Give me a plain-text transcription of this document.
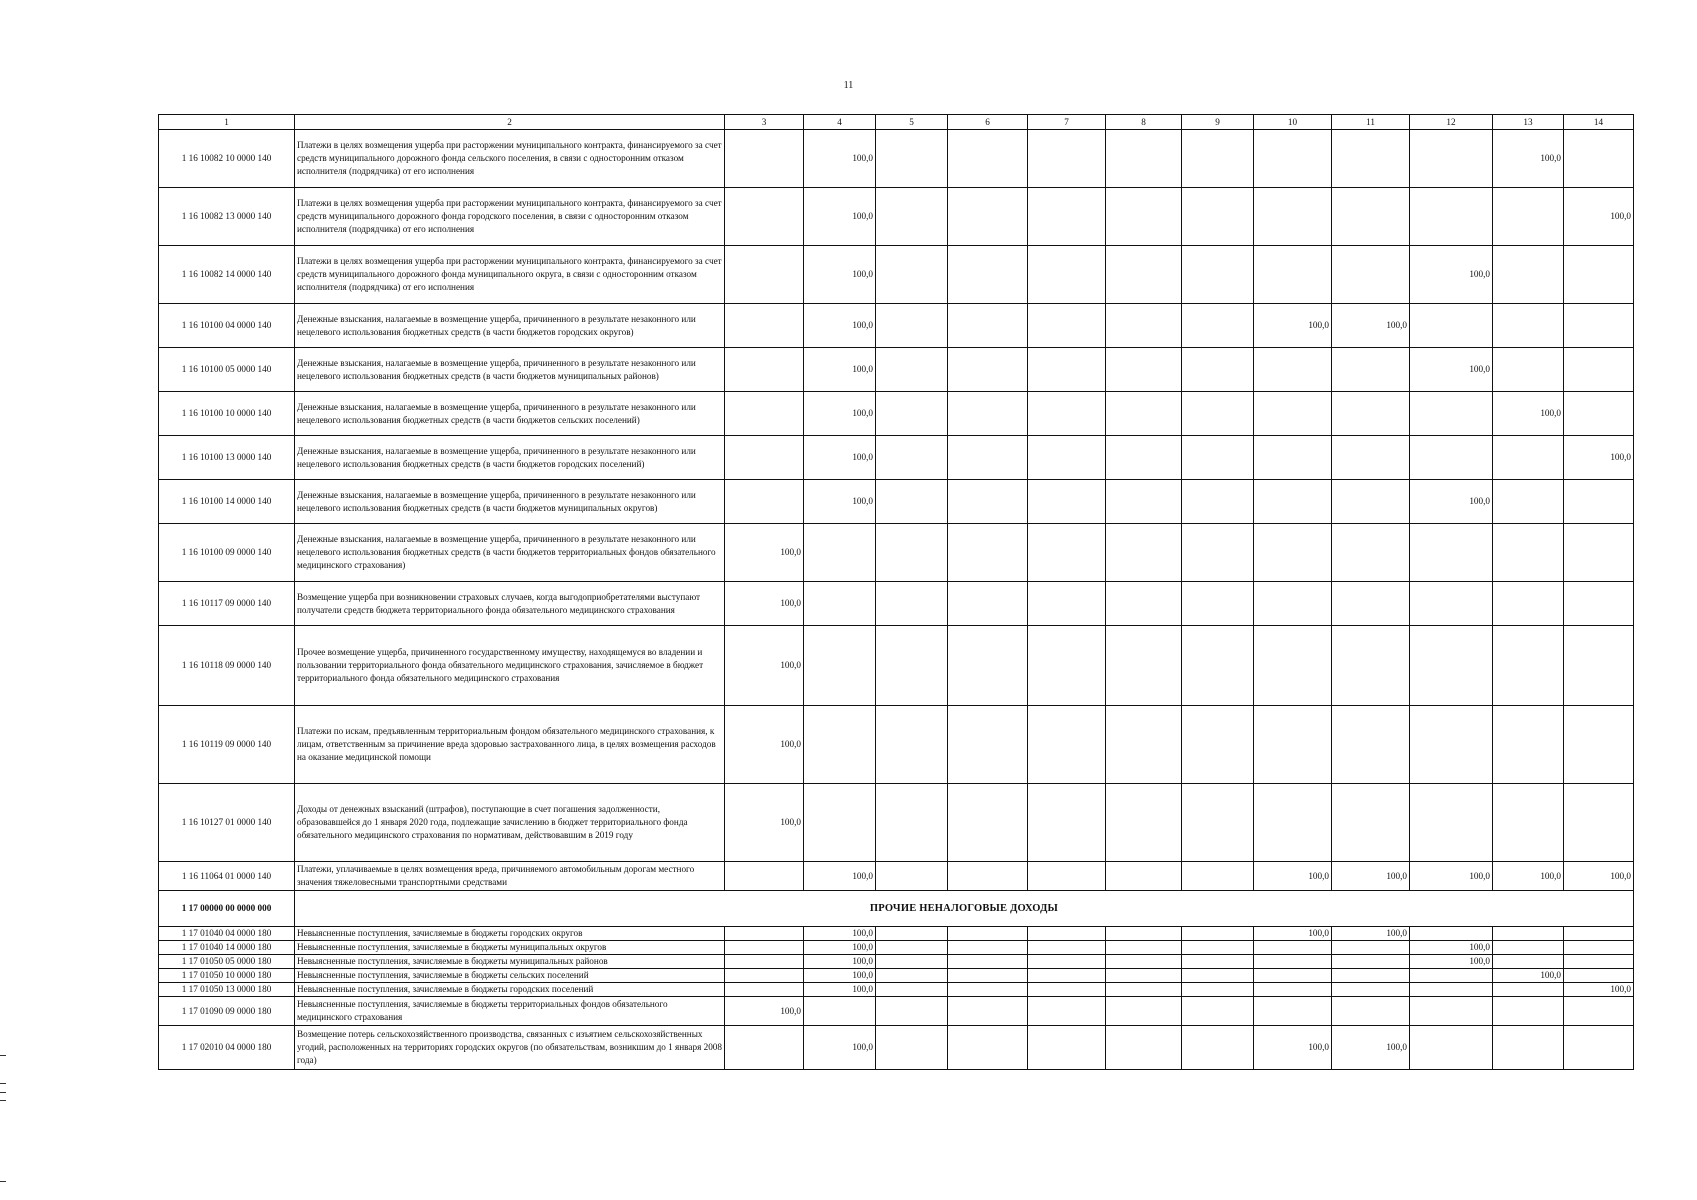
11
1	2	3	4	5	6	7	8	9	10	11	12	13	14
1 16 10082 10 0000 140	Платежи в целях возмещения ущерба при расторжении муниципального контракта, финансируемого за счет средств муниципального дорожного фонда сельского поселения, в связи с односторонним отказом исполнителя (подрядчика) от его исполнения		100,0									100,0	
1 16 10082 13 0000 140	Платежи в целях возмещения ущерба при расторжении муниципального контракта, финансируемого за счет средств муниципального дорожного фонда городского поселения, в связи с односторонним отказом исполнителя (подрядчика) от его исполнения		100,0										100,0
1 16 10082 14 0000 140	Платежи в целях возмещения ущерба при расторжении муниципального контракта, финансируемого за счет средств муниципального дорожного фонда муниципального округа, в связи с односторонним отказом исполнителя (подрядчика) от его исполнения		100,0								100,0		
1 16 10100 04 0000 140	Денежные взыскания, налагаемые в возмещение ущерба, причиненного в результате незаконного или нецелевого использования бюджетных средств (в части бюджетов городских округов)		100,0						100,0	100,0			
1 16 10100 05 0000 140	Денежные взыскания, налагаемые в возмещение ущерба, причиненного в результате незаконного или нецелевого использования бюджетных средств (в части бюджетов муниципальных районов)		100,0								100,0		
1 16 10100 10 0000 140	Денежные взыскания, налагаемые в возмещение ущерба, причиненного в результате незаконного или нецелевого использования бюджетных средств (в части бюджетов сельских поселений)		100,0									100,0	
1 16 10100 13 0000 140	Денежные взыскания, налагаемые в возмещение ущерба, причиненного в результате незаконного или нецелевого использования бюджетных средств (в части бюджетов городских поселений)		100,0										100,0
1 16 10100 14 0000 140	Денежные взыскания, налагаемые в возмещение ущерба, причиненного в результате незаконного или нецелевого использования бюджетных средств (в части бюджетов муниципальных округов)		100,0								100,0		
1 16 10100 09 0000 140	Денежные взыскания, налагаемые в возмещение ущерба, причиненного в результате незаконного или нецелевого использования бюджетных средств (в части бюджетов территориальных фондов обязательного медицинского страхования)	100,0											
1 16 10117 09 0000 140	Возмещение ущерба при возникновении страховых случаев, когда выгодоприобретателями выступают получатели средств бюджета территориального фонда обязательного медицинского страхования	100,0											
1 16 10118 09 0000 140	Прочее возмещение ущерба, причиненного государственному имуществу, находящемуся во владении и пользовании территориального фонда обязательного медицинского страхования, зачисляемое в бюджет территориального фонда обязательного медицинского страхования	100,0											
1 16 10119 09 0000 140	Платежи по искам, предъявленным территориальным фондом обязательного медицинского страхования, к лицам, ответственным за причинение вреда здоровью застрахованного лица, в целях возмещения расходов на оказание медицинской помощи	100,0											
1 16 10127 01 0000 140	Доходы от денежных взысканий (штрафов), поступающие в счет погашения задолженности, образовавшейся до 1 января 2020 года, подлежащие зачислению в бюджет территориального фонда обязательного медицинского страхования по нормативам, действовавшим в 2019 году	100,0											
1 16 11064 01 0000 140	Платежи, уплачиваемые в целях возмещения вреда, причиняемого автомобильным дорогам местного значения тяжеловесными транспортными средствами		100,0						100,0	100,0	100,0	100,0	100,0
1 17 00000 00 0000 000	ПРОЧИЕ НЕНАЛОГОВЫЕ ДОХОДЫ												
1 17 01040 04 0000 180	Невыясненные поступления, зачисляемые в бюджеты городских округов		100,0						100,0	100,0			
1 17 01040 14 0000 180	Невыясненные поступления, зачисляемые в бюджеты муниципальных округов		100,0								100,0		
1 17 01050 05 0000 180	Невыясненные поступления, зачисляемые в бюджеты муниципальных районов		100,0								100,0		
1 17 01050 10 0000 180	Невыясненные поступления, зачисляемые в бюджеты сельских поселений		100,0									100,0	
1 17 01050 13 0000 180	Невыясненные поступления, зачисляемые в бюджеты городских поселений		100,0										100,0
1 17 01090 09 0000 180	Невыясненные поступления, зачисляемые в бюджеты территориальных фондов обязательного медицинского страхования	100,0											
1 17 02010 04 0000 180	Возмещение потерь сельскохозяйственного производства, связанных с изъятием сельскохозяйственных угодий, расположенных на территориях городских округов (по обязательствам, возникшим до 1 января 2008 года)		100,0						100,0	100,0			
